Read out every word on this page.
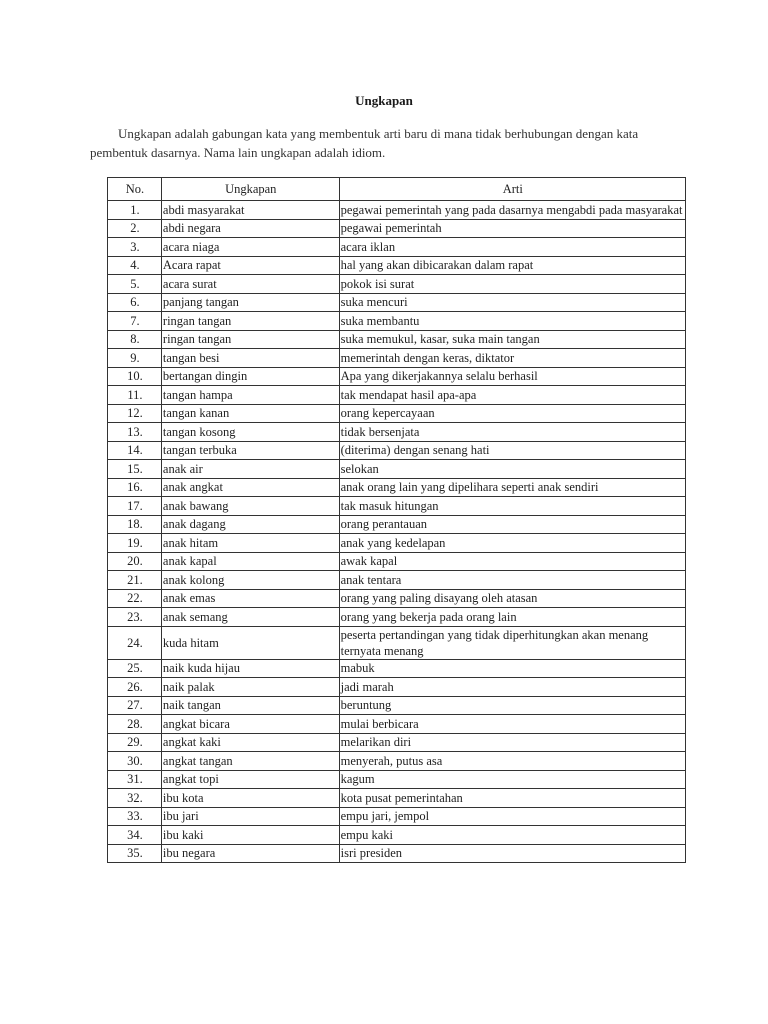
Ungkapan

Ungkapan adalah gabungan kata yang membentuk arti baru di mana tidak berhubungan dengan kata pembentuk dasarnya. Nama lain ungkapan adalah idiom.

No.	Ungkapan	Arti
1.	abdi masyarakat	pegawai pemerintah yang pada dasarnya mengabdi pada masyarakat
2.	abdi negara	pegawai pemerintah
3.	acara niaga	acara iklan
4.	Acara rapat	hal yang akan dibicarakan dalam rapat
5.	acara surat	pokok isi surat
6.	panjang tangan	suka mencuri
7.	ringan tangan	suka membantu
8.	ringan tangan	suka memukul, kasar, suka main tangan
9.	tangan besi	memerintah dengan keras, diktator
10.	bertangan dingin	Apa yang dikerjakannya selalu berhasil
11.	tangan hampa	tak mendapat hasil apa-apa
12.	tangan kanan	orang kepercayaan
13.	tangan kosong	tidak bersenjata
14.	tangan terbuka	(diterima) dengan senang hati
15.	anak air	selokan
16.	anak angkat	anak orang lain yang dipelihara seperti anak sendiri
17.	anak bawang	tak masuk hitungan
18.	anak dagang	orang perantauan
19.	anak hitam	anak yang kedelapan
20.	anak kapal	awak kapal
21.	anak kolong	anak tentara
22.	anak emas	orang yang paling disayang oleh atasan
23.	anak semang	orang yang bekerja pada orang lain
24.	kuda hitam	peserta pertandingan yang tidak diperhitungkan akan menang ternyata menang
25.	naik kuda hijau	mabuk
26.	naik palak	jadi marah
27.	naik tangan	beruntung
28.	angkat bicara	mulai berbicara
29.	angkat kaki	melarikan diri
30.	angkat tangan	menyerah, putus asa
31.	angkat topi	kagum
32.	ibu kota	kota pusat pemerintahan
33.	ibu jari	empu jari, jempol
34.	ibu kaki	empu kaki
35.	ibu negara	isri presiden
